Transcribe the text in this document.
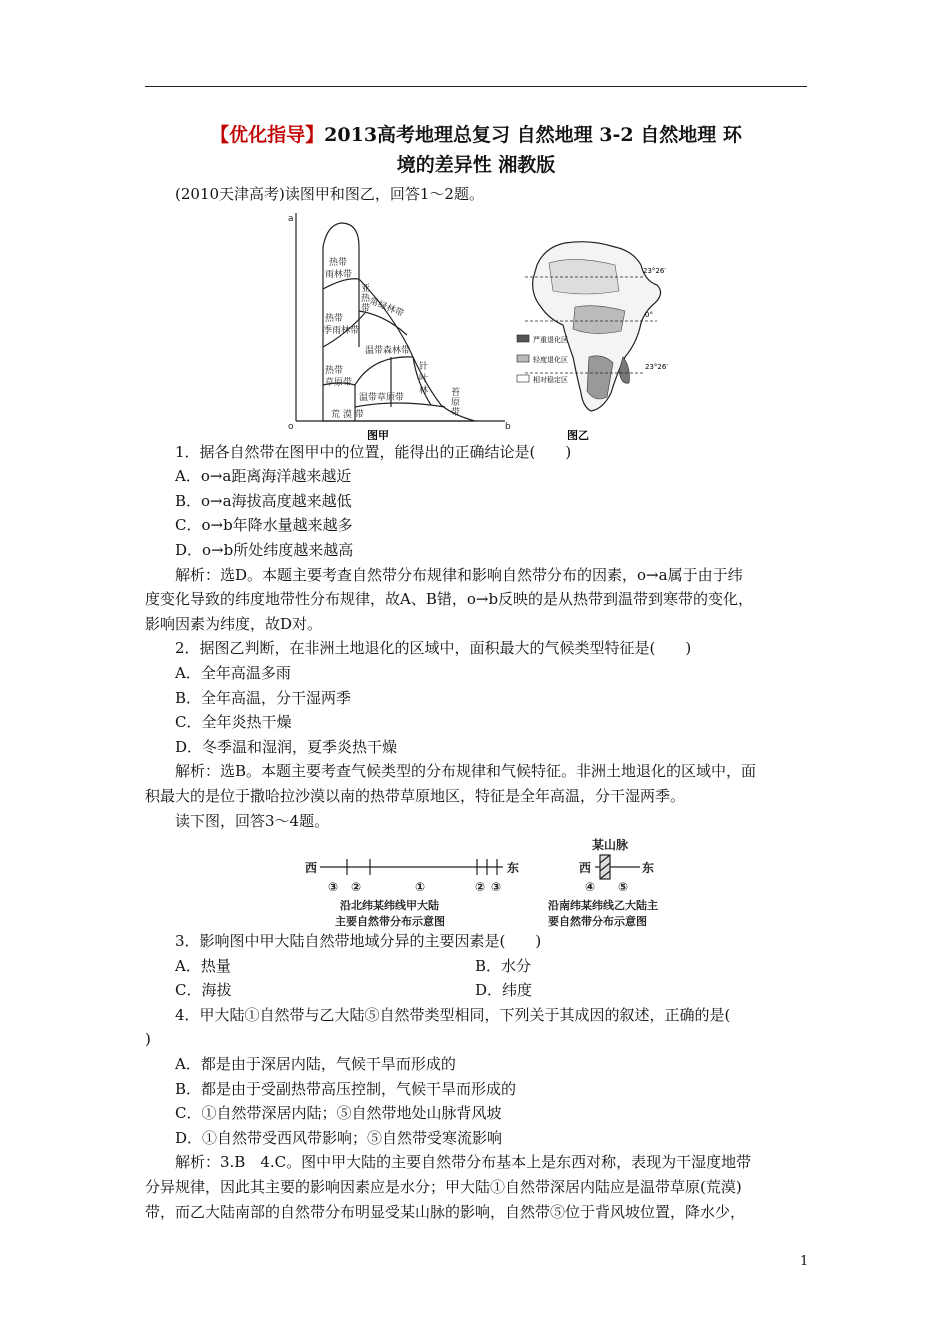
【优化指导】2013高考地理总复习 自然地理 3-2 自然地理 环
境的差异性 湘教版

(2010天津高考)读图甲和图乙，回答1～2题。

a
o	b
热带
雨林带
热带
季雨林带
热带
草原带
亚
热
带
常绿林带
温带森林带
温带草原带
针
叶
林	苔
原
带
荒 漠 带
图甲
23°26′
0°
23°26′
严重退化区
轻度退化区
相对稳定区
图乙

1．据各自然带在图甲中的位置，能得出的正确结论是(　　)

A．o→a距离海洋越来越近

B．o→a海拔高度越来越低

C．o→b年降水量越来越多

D．o→b所处纬度越来越高

解析：选D。本题主要考查自然带分布规律和影响自然带分布的因素，o→a属于由于纬

度变化导致的纬度地带性分布规律，故A、B错，o→b反映的是从热带到温带到寒带的变化，

影响因素为纬度，故D对。

2．据图乙判断，在非洲土地退化的区域中，面积最大的气候类型特征是(　　)

A．全年高温多雨

B．全年高温，分干湿两季

C．全年炎热干燥

D．冬季温和湿润，夏季炎热干燥

解析：选B。本题主要考查气候类型的分布规律和气候特征。非洲土地退化的区域中，面

积最大的是位于撒哈拉沙漠以南的热带草原地区，特征是全年高温，分干湿两季。

读下图，回答3～4题。

西	东
③ ②	①	② ③
沿北纬某纬线甲大陆
主要自然带分布示意图
某山脉
西	东
④ ⑤
沿南纬某纬线乙大陆主
要自然带分布示意图

3．影响图中甲大陆自然带地域分异的主要因素是(　　)

A．热量	B．水分
C．海拔	D．纬度

4．甲大陆①自然带与乙大陆⑤自然带类型相同，下列关于其成因的叙述，正确的是(

)

A．都是由于深居内陆，气候干旱而形成的

B．都是由于受副热带高压控制，气候干旱而形成的

C．①自然带深居内陆；⑤自然带地处山脉背风坡

D．①自然带受西风带影响；⑤自然带受寒流影响

解析：3.B　4.C。图中甲大陆的主要自然带分布基本上是东西对称，表现为干湿度地带

分异规律，因此其主要的影响因素应是水分；甲大陆①自然带深居内陆应是温带草原(荒漠)

带，而乙大陆南部的自然带分布明显受某山脉的影响，自然带⑤位于背风坡位置，降水少，

1
